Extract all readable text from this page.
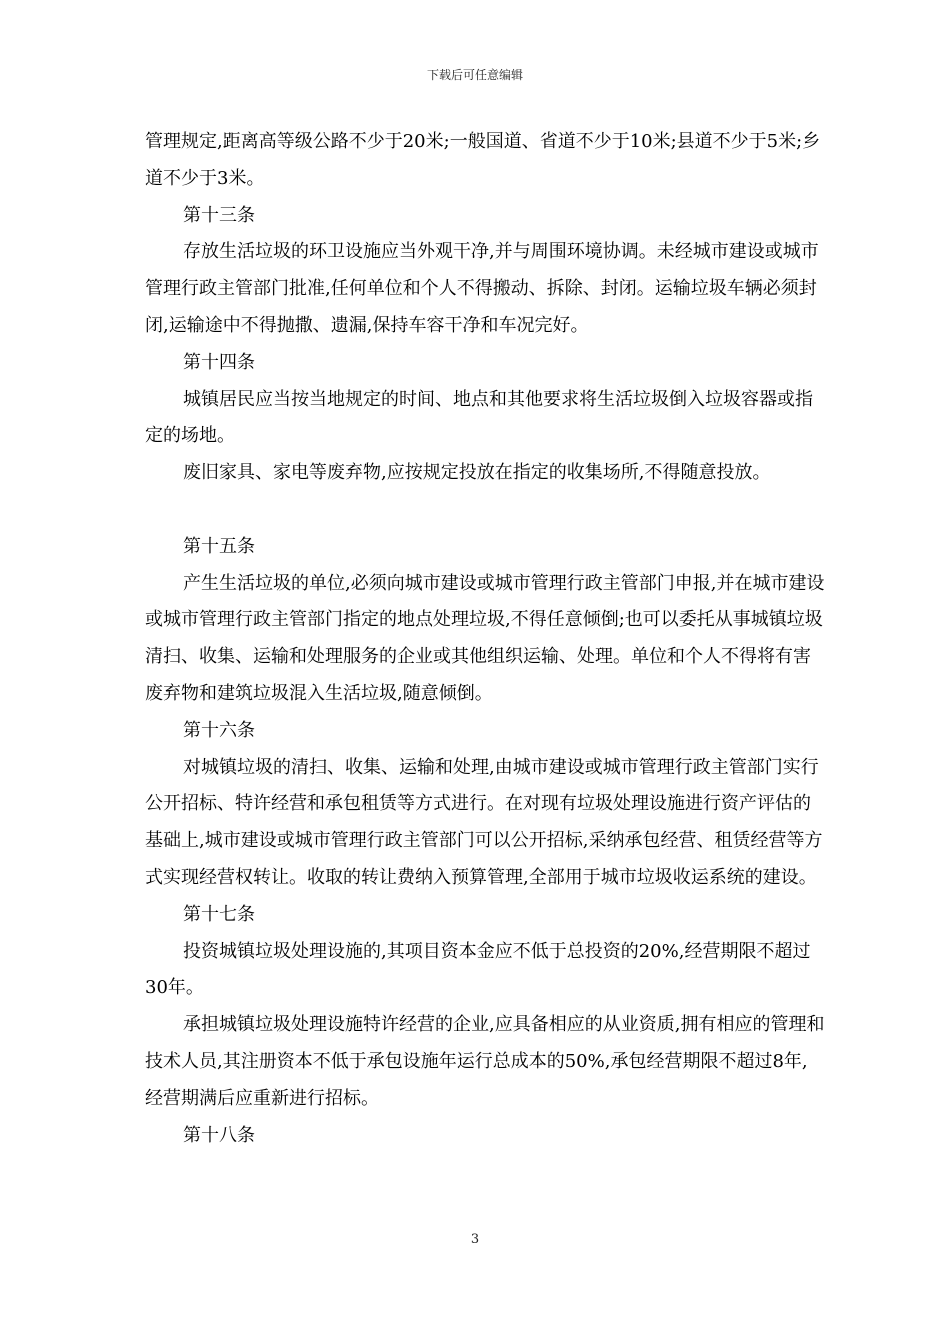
下载后可任意编辑

管理规定,距离高等级公路不少于20米;一般国道、省道不少于10米;县道不少于5米;乡道不少于3米。

第十三条

存放生活垃圾的环卫设施应当外观干净,并与周围环境协调。未经城市建设或城市管理行政主管部门批准,任何单位和个人不得搬动、拆除、封闭。运输垃圾车辆必须封闭,运输途中不得抛撒、遗漏,保持车容干净和车况完好。

第十四条

城镇居民应当按当地规定的时间、地点和其他要求将生活垃圾倒入垃圾容器或指定的场地。

废旧家具、家电等废弃物,应按规定投放在指定的收集场所,不得随意投放。

第十五条

产生生活垃圾的单位,必须向城市建设或城市管理行政主管部门申报,并在城市建设或城市管理行政主管部门指定的地点处理垃圾,不得任意倾倒;也可以委托从事城镇垃圾清扫、收集、运输和处理服务的企业或其他组织运输、处理。单位和个人不得将有害废弃物和建筑垃圾混入生活垃圾,随意倾倒。

第十六条

对城镇垃圾的清扫、收集、运输和处理,由城市建设或城市管理行政主管部门实行公开招标、特许经营和承包租赁等方式进行。在对现有垃圾处理设施进行资产评估的基础上,城市建设或城市管理行政主管部门可以公开招标,采纳承包经营、租赁经营等方式实现经营权转让。收取的转让费纳入预算管理,全部用于城市垃圾收运系统的建设。

第十七条

投资城镇垃圾处理设施的,其项目资本金应不低于总投资的20%,经营期限不超过30年。

承担城镇垃圾处理设施特许经营的企业,应具备相应的从业资质,拥有相应的管理和技术人员,其注册资本不低于承包设施年运行总成本的50%,承包经营期限不超过8年,经营期满后应重新进行招标。

第十八条

3
